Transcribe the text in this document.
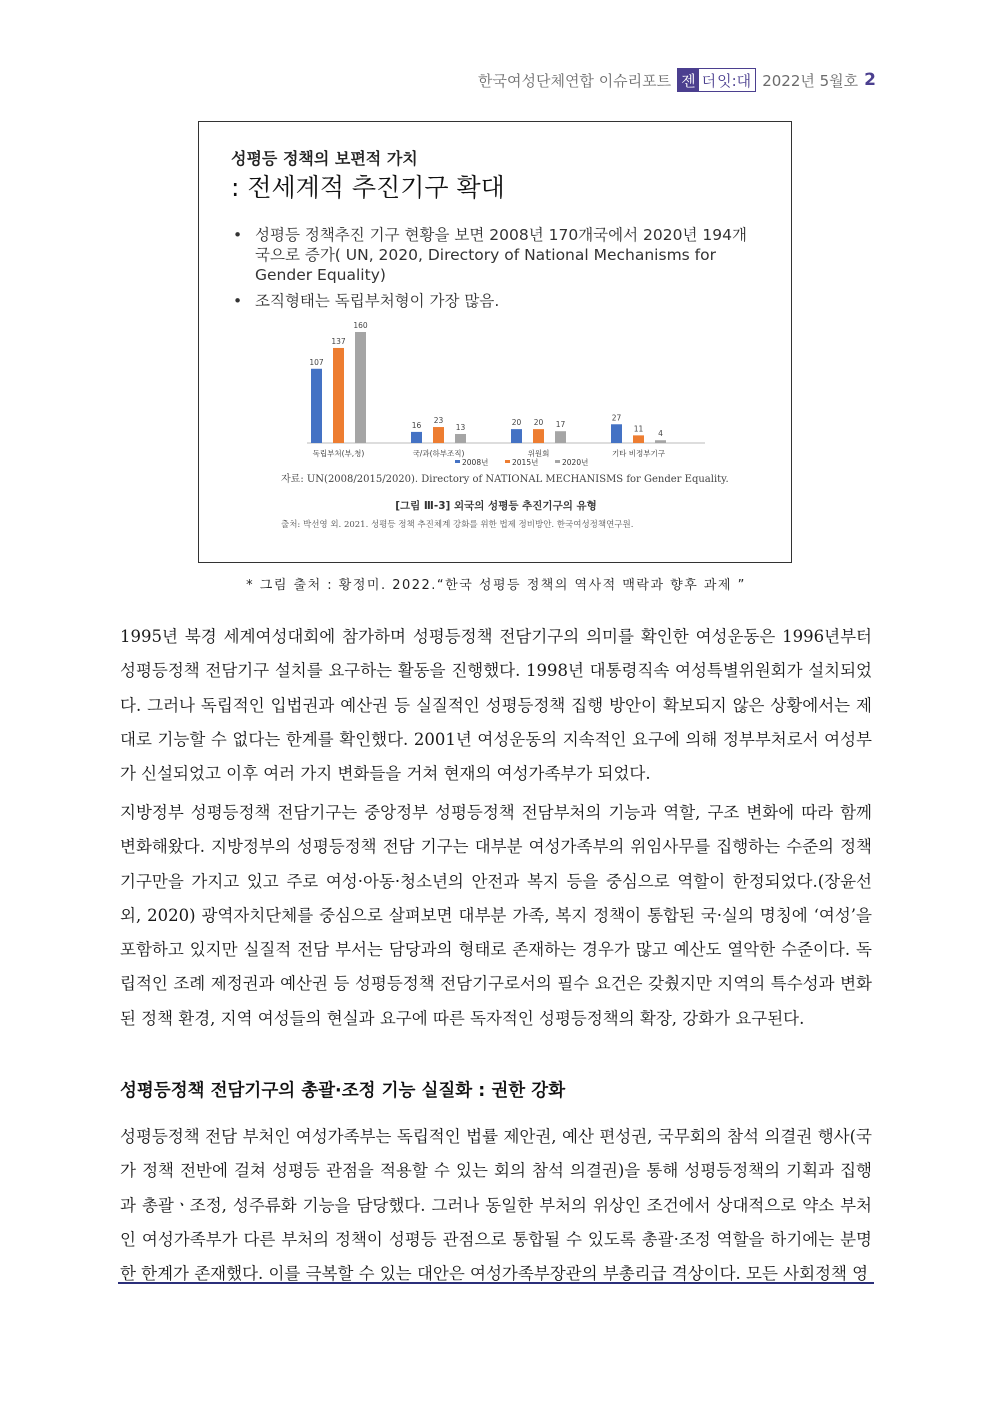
한국여성단체연합 이슈리포트 젠 더 잇:대 2022년 5월호 2
성평등 정책의 보편적 가치
: 전세계적 추진기구 확대
• 성평등 정책추진 기구 현황을 보면 2008년 170개국에서 2020년 194개국으로 증가( UN, 2020, Directory of National Mechanisms for Gender Equality)
• 조직형태는 독립부처형이 가장 많음.
107
137
160
독립부처(부,청)
16
23
13
국/과(하부조직)
20 20 17
위원회
27
11
4
기타 비정부기구
2008년	2015년	2020년
자료: UN(2008/2015/2020). Directory of NATIONAL MECHANISMS for Gender Equality.
[그림 Ⅲ-3] 외국의 성평등 추진기구의 유형
출처: 박선영 외. 2021. 성평등 정책 추진체계 강화를 위한 법제 정비방안. 한국여성정책연구원.
* 그림 출처 : 황정미. 2022.“한국 성평등 정책의 역사적 맥락과 향후 과제 ”

1995년 북경 세계여성대회에 참가하며 성평등정책 전담기구의 의미를 확인한 여성운동은 1996년부터 성평등정책 전담기구 설치를 요구하는 활동을 진행했다. 1998년 대통령직속 여성특별위원회가 설치되었다. 그러나 독립적인 입법권과 예산권 등 실질적인 성평등정책 집행 방안이 확보되지 않은 상황에서는 제대로 기능할 수 없다는 한계를 확인했다. 2001년 여성운동의 지속적인 요구에 의해 정부부처로서 여성부가 신설되었고 이후 여러 가지 변화들을 거쳐 현재의 여성가족부가 되었다.

지방정부 성평등정책 전담기구는 중앙정부 성평등정책 전담부처의 기능과 역할, 구조 변화에 따라 함께 변화해왔다. 지방정부의 성평등정책 전담 기구는 대부분 여성가족부의 위임사무를 집행하는 수준의 정책 기구만을 가지고 있고 주로 여성·아동·청소년의 안전과 복지 등을 중심으로 역할이 한정되었다.(장윤선 외, 2020) 광역자치단체를 중심으로 살펴보면 대부분 가족, 복지 정책이 통합된 국·실의 명칭에 ‘여성’을 포함하고 있지만 실질적 전담 부서는 담당과의 형태로 존재하는 경우가 많고 예산도 열악한 수준이다. 독립적인 조례 제정권과 예산권 등 성평등정책 전담기구로서의 필수 요건은 갖췄지만 지역의 특수성과 변화된 정책 환경, 지역 여성들의 현실과 요구에 따른 독자적인 성평등정책의 확장, 강화가 요구된다.

성평등정책 전담기구의 총괄·조정 기능 실질화 : 권한 강화

성평등정책 전담 부처인 여성가족부는 독립적인 법률 제안권, 예산 편성권, 국무회의 참석 의결권 행사(국가 정책 전반에 걸쳐 성평등 관점을 적용할 수 있는 회의 참석 의결권)을 통해 성평등정책의 기획과 집행과 총괄ㆍ조정, 성주류화 기능을 담당했다. 그러나 동일한 부처의 위상인 조건에서 상대적으로 약소 부처인 여성가족부가 다른 부처의 정책이 성평등 관점으로 통합될 수 있도록 총괄·조정 역할을 하기에는 분명한 한계가 존재했다. 이를 극복할 수 있는 대안은 여성가족부장관의 부총리급 격상이다. 모든 사회정책 영
